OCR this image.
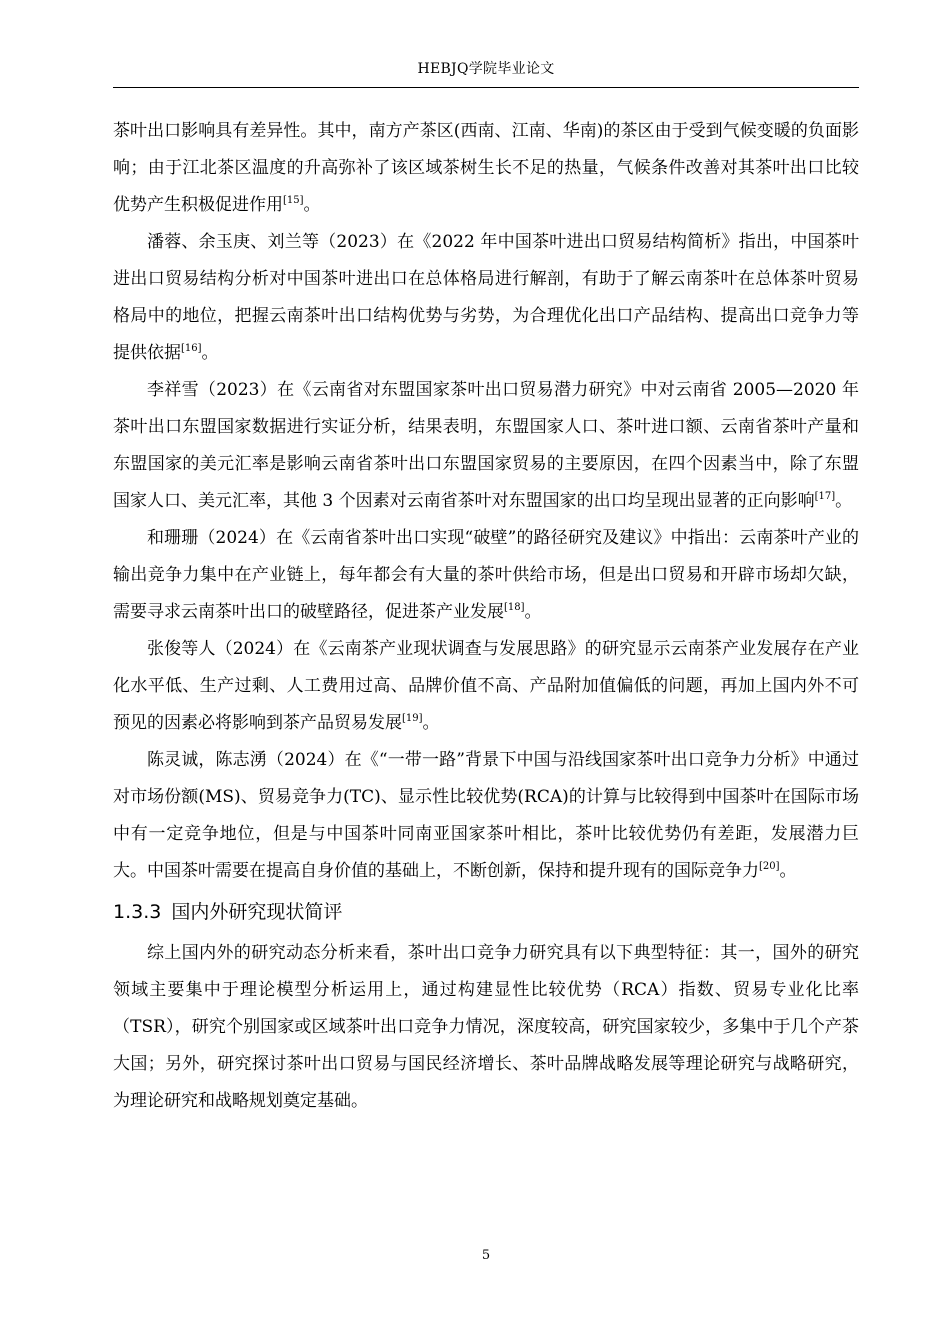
HEBJQ学院毕业论文

茶叶出口影响具有差异性。其中，南方产茶区(西南、江南、华南)的茶区由于受到气候变暖的负面影响；由于江北茶区温度的升高弥补了该区域茶树生长不足的热量，气候条件改善对其茶叶出口比较优势产生积极促进作用[15]。

潘蓉、余玉庚、刘兰等（2023）在《2022 年中国茶叶进出口贸易结构简析》指出，中国茶叶进出口贸易结构分析对中国茶叶进出口在总体格局进行解剖，有助于了解云南茶叶在总体茶叶贸易格局中的地位，把握云南茶叶出口结构优势与劣势，为合理优化出口产品结构、提高出口竞争力等提供依据[16]。

李祥雪（2023）在《云南省对东盟国家茶叶出口贸易潜力研究》中对云南省 2005—2020 年茶叶出口东盟国家数据进行实证分析，结果表明，东盟国家人口、茶叶进口额、云南省茶叶产量和东盟国家的美元汇率是影响云南省茶叶出口东盟国家贸易的主要原因，在四个因素当中，除了东盟国家人口、美元汇率，其他 3 个因素对云南省茶叶对东盟国家的出口均呈现出显著的正向影响[17]。

和珊珊（2024）在《云南省茶叶出口实现“破壁”的路径研究及建议》中指出：云南茶叶产业的输出竞争力集中在产业链上，每年都会有大量的茶叶供给市场，但是出口贸易和开辟市场却欠缺，需要寻求云南茶叶出口的破壁路径，促进茶产业发展[18]。

张俊等人（2024）在《云南茶产业现状调查与发展思路》的研究显示云南茶产业发展存在产业化水平低、生产过剩、人工费用过高、品牌价值不高、产品附加值偏低的问题，再加上国内外不可预见的因素必将影响到茶产品贸易发展[19]。

陈灵诚，陈志湧（2024）在《“一带一路”背景下中国与沿线国家茶叶出口竞争力分析》中通过对市场份额(MS)、贸易竞争力(TC)、显示性比较优势(RCA)的计算与比较得到中国茶叶在国际市场中有一定竞争地位，但是与中国茶叶同南亚国家茶叶相比，茶叶比较优势仍有差距，发展潜力巨大。中国茶叶需要在提高自身价值的基础上，不断创新，保持和提升现有的国际竞争力[20]。

1.3.3 国内外研究现状简评

综上国内外的研究动态分析来看，茶叶出口竞争力研究具有以下典型特征：其一，国外的研究领域主要集中于理论模型分析运用上，通过构建显性比较优势（RCA）指数、贸易专业化比率（TSR），研究个别国家或区域茶叶出口竞争力情况，深度较高，研究国家较少，多集中于几个产茶大国；另外，研究探讨茶叶出口贸易与国民经济增长、茶叶品牌战略发展等理论研究与战略研究，为理论研究和战略规划奠定基础。

5
